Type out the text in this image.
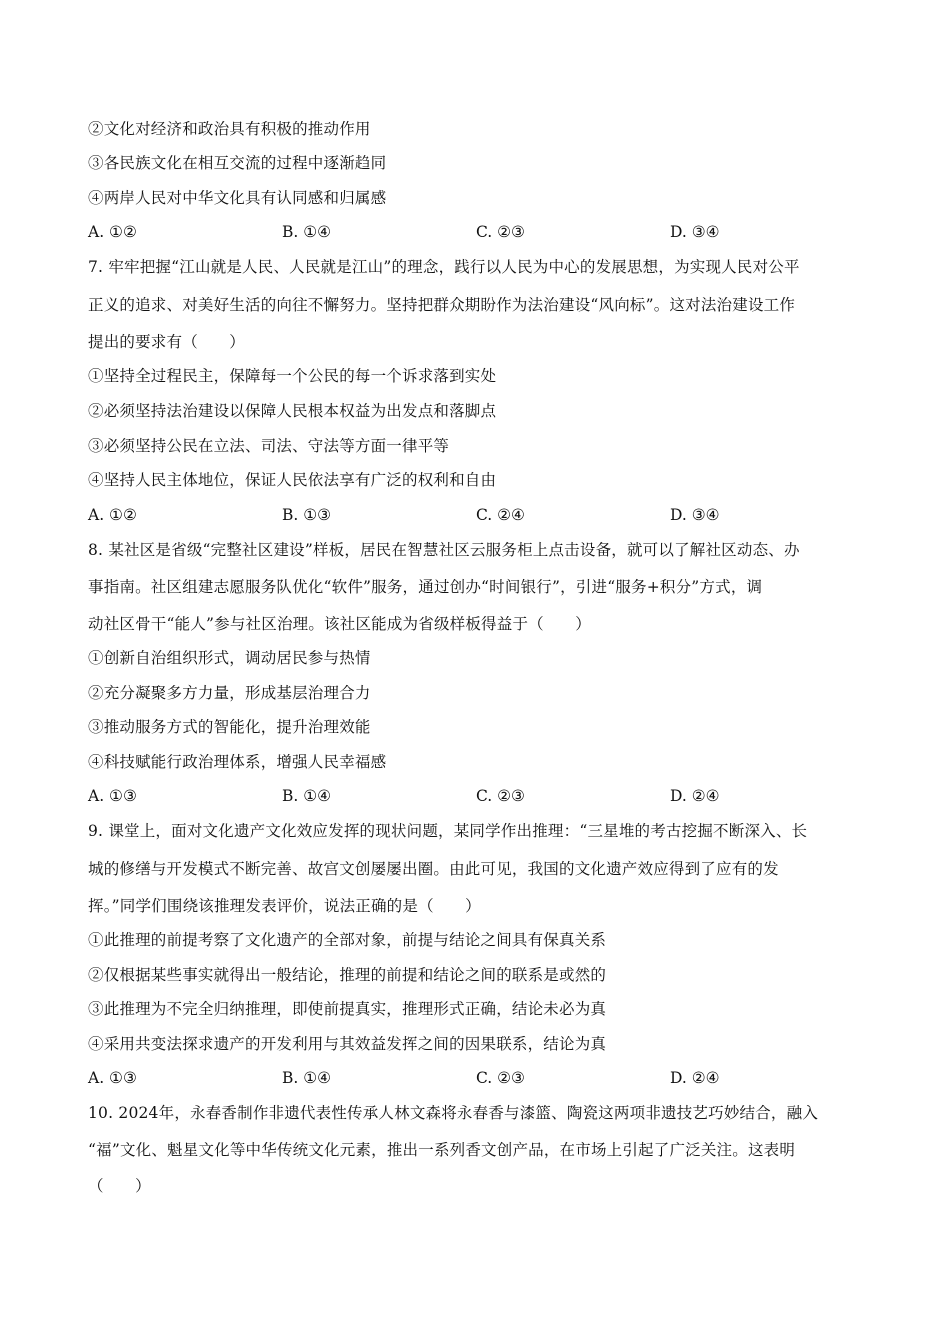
②文化对经济和政治具有积极的推动作用
③各民族文化在相互交流的过程中逐渐趋同
④两岸人民对中华文化具有认同感和归属感
A. ①②	B. ①④	C. ②③	D. ③④
7. 牢牢把握“江山就是人民、人民就是江山”的理念，践行以人民为中心的发展思想，为实现人民对公平
正义的追求、对美好生活的向往不懈努力。坚持把群众期盼作为法治建设“风向标”。这对法治建设工作
提出的要求有（　　）
①坚持全过程民主，保障每一个公民的每一个诉求落到实处
②必须坚持法治建设以保障人民根本权益为出发点和落脚点
③必须坚持公民在立法、司法、守法等方面一律平等
④坚持人民主体地位，保证人民依法享有广泛的权利和自由
A. ①②	B. ①③	C. ②④	D. ③④
8. 某社区是省级“完整社区建设”样板，居民在智慧社区云服务柜上点击设备，就可以了解社区动态、办
事指南。社区组建志愿服务队优化“软件”服务，通过创办“时间银行”，引进“服务+积分”方式，调
动社区骨干“能人”参与社区治理。该社区能成为省级样板得益于（　　）
①创新自治组织形式，调动居民参与热情
②充分凝聚多方力量，形成基层治理合力
③推动服务方式的智能化，提升治理效能
④科技赋能行政治理体系，增强人民幸福感
A. ①③	B. ①④	C. ②③	D. ②④
9. 课堂上，面对文化遗产文化效应发挥的现状问题，某同学作出推理：“三星堆的考古挖掘不断深入、长
城的修缮与开发模式不断完善、故宫文创屡屡出圈。由此可见，我国的文化遗产效应得到了应有的发
挥。”同学们围绕该推理发表评价，说法正确的是（　　）
①此推理的前提考察了文化遗产的全部对象，前提与结论之间具有保真关系
②仅根据某些事实就得出一般结论，推理的前提和结论之间的联系是或然的
③此推理为不完全归纳推理，即使前提真实，推理形式正确，结论未必为真
④采用共变法探求遗产的开发利用与其效益发挥之间的因果联系，结论为真
A. ①③	B. ①④	C. ②③	D. ②④
10. 2024年，永春香制作非遗代表性传承人林文森将永春香与漆篮、陶瓷这两项非遗技艺巧妙结合，融入
“福”文化、魁星文化等中华传统文化元素，推出一系列香文创产品，在市场上引起了广泛关注。这表明
（　　）
